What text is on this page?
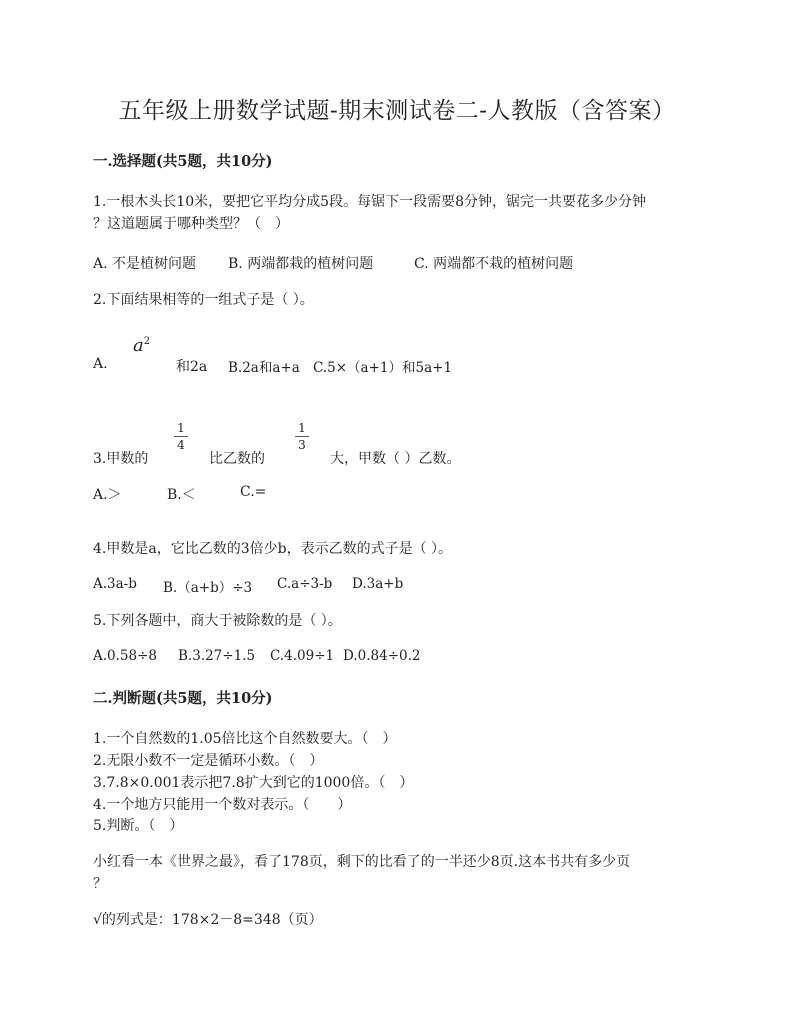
五年级上册数学试题-期末测试卷二-人教版（含答案）
一.选择题(共5题，共10分)
1.一根木头长10米，要把它平均分成5段。每锯下一段需要8分钟，锯完一共要花多少分钟
？这道题属于哪种类型？（　）
A. 不是植树问题 B. 两端都栽的植树问题	C. 两端都不栽的植树问题
2.下面结果相等的一组式子是（ ）。
A.
$a^2$
和2a B.2a和a+a C.5×（a+1）和5a+1
3.甲数的
1
4
比乙数的
1
3
大，甲数（ ）乙数。
A.＞	B.＜	C.=
4.甲数是a，它比乙数的3倍少b，表示乙数的式子是（ ）。
A.3a-b B.（a+b）÷3 C.a÷3-b D.3a+b
5.下列各题中，商大于被除数的是（ ）。
A.0.58÷8 B.3.27÷1.5 C.4.09÷1 D.0.84÷0.2
二.判断题(共5题，共10分)
1.一个自然数的1.05倍比这个自然数要大。（　）
2.无限小数不一定是循环小数。（　）
3.7.8×0.001表示把7.8扩大到它的1000倍。（　）
4.一个地方只能用一个数对表示。（　　）
5.判断。（　）
小红看一本《世界之最》，看了178页，剩下的比看了的一半还少8页.这本书共有多少页
？
√的列式是：178×2－8=348（页）
